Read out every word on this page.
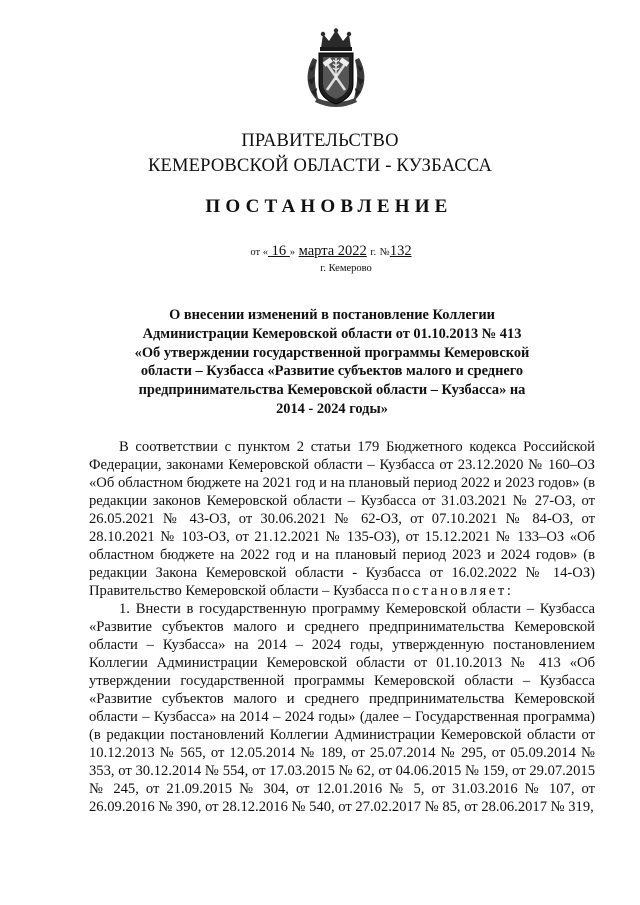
ПРАВИТЕЛЬСТВО
КЕМЕРОВСКОЙ ОБЛАСТИ - КУЗБАССА
ПОСТАНОВЛЕНИЕ
от « 16 » марта 2022 г. №132
г. Кемерово
О внесении изменений в постановление Коллегии Администрации Кемеровской области от 01.10.2013 № 413 «Об утверждении государственной программы Кемеровской области – Кузбасса «Развитие субъектов малого и среднего предпринимательства Кемеровской области – Кузбасса» на 2014 - 2024 годы»

В соответствии с пунктом 2 статьи 179 Бюджетного кодекса Российской Федерации, законами Кемеровской области – Кузбасса от 23.12.2020 № 160–ОЗ «Об областном бюджете на 2021 год и на плановый период 2022 и 2023 годов» (в редакции законов Кемеровской области – Кузбасса от 31.03.2021 № 27-ОЗ, от 26.05.2021 № 43-ОЗ, от 30.06.2021 № 62-ОЗ, от 07.10.2021 № 84-ОЗ, от 28.10.2021 № 103-ОЗ, от 21.12.2021 № 135-ОЗ), от 15.12.2021 № 133–ОЗ «Об областном бюджете на 2022 год и на плановый период 2023 и 2024 годов» (в редакции Закона Кемеровской области - Кузбасса от 16.02.2022 № 14-ОЗ) Правительство Кемеровской области – Кузбасса постановляет:

1. Внести в государственную программу Кемеровской области – Кузбасса «Развитие субъектов малого и среднего предпринимательства Кемеровской области – Кузбасса» на 2014 – 2024 годы, утвержденную постановлением Коллегии Администрации Кемеровской области от 01.10.2013 № 413 «Об утверждении государственной программы Кемеровской области – Кузбасса «Развитие субъектов малого и среднего предпринимательства Кемеровской области – Кузбасса» на 2014 – 2024 годы» (далее – Государственная программа) (в редакции постановлений Коллегии Администрации Кемеровской области от 10.12.2013 № 565, от 12.05.2014 № 189, от 25.07.2014 № 295, от 05.09.2014 № 353, от 30.12.2014 № 554, от 17.03.2015 № 62, от 04.06.2015 № 159, от 29.07.2015 № 245, от 21.09.2015 № 304, от 12.01.2016 № 5, от 31.03.2016 № 107, от 26.09.2016 № 390, от 28.12.2016 № 540, от 27.02.2017 № 85, от 28.06.2017 № 319,
